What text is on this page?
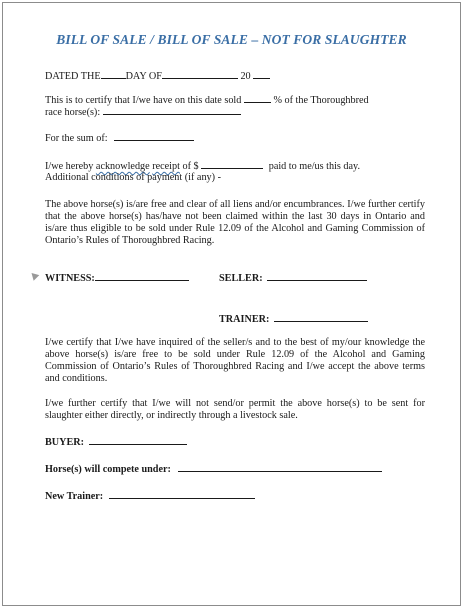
BILL OF SALE / BILL OF SALE – NOT FOR SLAUGHTER
DATED THE DAY OF	20
This is to certify that I/we have on this date sold	% of the Thoroughbred
race horse(s):
For the sum of:
I/we hereby acknowledge receipt of $	paid to me/us this day.
Additional conditions of payment (if any) -
The above horse(s) is/are free and clear of all liens and/or encumbrances. I/we further certify that the above horse(s) has/have not been claimed within the last 30 days in Ontario and is/are thus eligible to be sold under Rule 12.09 of the Alcohol and Gaming Commission of Ontario’s Rules of Thoroughbred Racing.
WITNESS:	SELLER:
TRAINER:
I/we certify that I/we have inquired of the seller/s and to the best of my/our knowledge the above horse(s) is/are free to be sold under Rule 12.09 of the Alcohol and Gaming Commission of Ontario’s Rules of Thoroughbred Racing and I/we accept the above terms and conditions.
I/we further certify that I/we will not send/or permit the above horse(s) to be sent for slaughter either directly, or indirectly through a livestock sale.
BUYER:
Horse(s) will compete under:
New Trainer:
